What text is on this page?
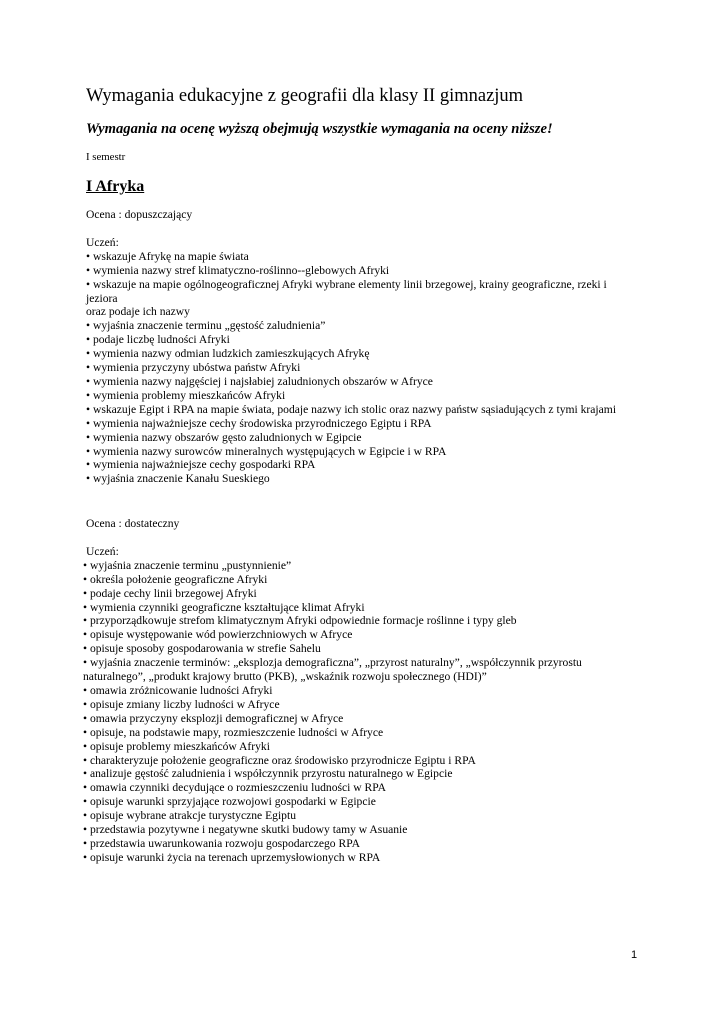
Wymagania edukacyjne z geografii dla klasy II gimnazjum
Wymagania na ocenę wyższą obejmują wszystkie wymagania na oceny niższe!
I semestr
I Afryka

Ocena : dopuszczający

Uczeń:

• wskazuje Afrykę na mapie świata
• wymienia nazwy stref klimatyczno-roślinno--glebowych Afryki
• wskazuje na mapie ogólnogeograficznej Afryki wybrane elementy linii brzegowej, krainy geograficzne, rzeki i jeziora
oraz podaje ich nazwy
• wyjaśnia znaczenie terminu „gęstość zaludnienia”
• podaje liczbę ludności Afryki
• wymienia nazwy odmian ludzkich zamieszkujących Afrykę
• wymienia przyczyny ubóstwa państw Afryki
• wymienia nazwy najgęściej i najsłabiej zaludnionych obszarów w Afryce
• wymienia problemy mieszkańców Afryki
• wskazuje Egipt i RPA na mapie świata, podaje nazwy ich stolic oraz nazwy państw sąsiadujących z tymi krajami
• wymienia najważniejsze cechy środowiska przyrodniczego Egiptu i RPA
• wymienia nazwy obszarów gęsto zaludnionych w Egipcie
• wymienia nazwy surowców mineralnych występujących w Egipcie i w RPA
• wymienia najważniejsze cechy gospodarki RPA
• wyjaśnia znaczenie Kanału Sueskiego

Ocena : dostateczny

Uczeń:

• wyjaśnia znaczenie terminu „pustynnienie”
• określa położenie geograficzne Afryki
• podaje cechy linii brzegowej Afryki
• wymienia czynniki geograficzne kształtujące klimat Afryki
• przyporządkowuje strefom klimatycznym Afryki odpowiednie formacje roślinne i typy gleb
• opisuje występowanie wód powierzchniowych w Afryce
• opisuje sposoby gospodarowania w strefie Sahelu
• wyjaśnia znaczenie terminów: „eksplozja demograficzna”, „przyrost naturalny”, „współczynnik przyrostu naturalnego”, „produkt krajowy brutto (PKB), „wskaźnik rozwoju społecznego (HDI)”
• omawia zróżnicowanie ludności Afryki
• opisuje zmiany liczby ludności w Afryce
• omawia przyczyny eksplozji demograficznej w Afryce
• opisuje, na podstawie mapy, rozmieszczenie ludności w Afryce
• opisuje problemy mieszkańców Afryki
• charakteryzuje położenie geograficzne oraz środowisko przyrodnicze Egiptu i RPA
• analizuje gęstość zaludnienia i współczynnik przyrostu naturalnego w Egipcie
• omawia czynniki decydujące o rozmieszczeniu ludności w RPA
• opisuje warunki sprzyjające rozwojowi gospodarki w Egipcie
• opisuje wybrane atrakcje turystyczne Egiptu
• przedstawia pozytywne i negatywne skutki budowy tamy w Asuanie
• przedstawia uwarunkowania rozwoju gospodarczego RPA
• opisuje warunki życia na terenach uprzemysłowionych w RPA
1
